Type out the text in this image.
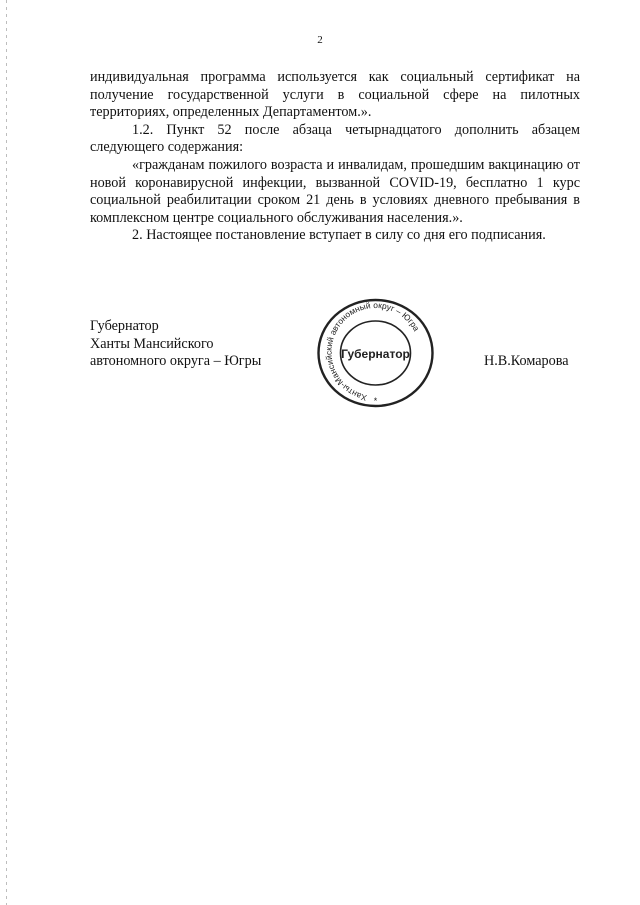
2

индивидуальная программа используется как социальный сертификат на получение государственной услуги в социальной сфере на пилотных территориях, определенных Департаментом.».

1.2. Пункт 52 после абзаца четырнадцатого дополнить абзацем следующего содержания:

«гражданам пожилого возраста и инвалидам, прошедшим вакцинацию от новой коронавирусной инфекции, вызванной COVID-19, бесплатно 1 курс социальной реабилитации сроком 21 день в условиях дневного пребывания в комплексном центре социального обслуживания населения.».

2. Настоящее постановление вступает в силу со дня его подписания.

Губернатор
Ханты Мансийского
автономного округа – Югры	Н.В.Комарова
Ханты-Мансийский автономный округ – Югра
Губернатор
*
